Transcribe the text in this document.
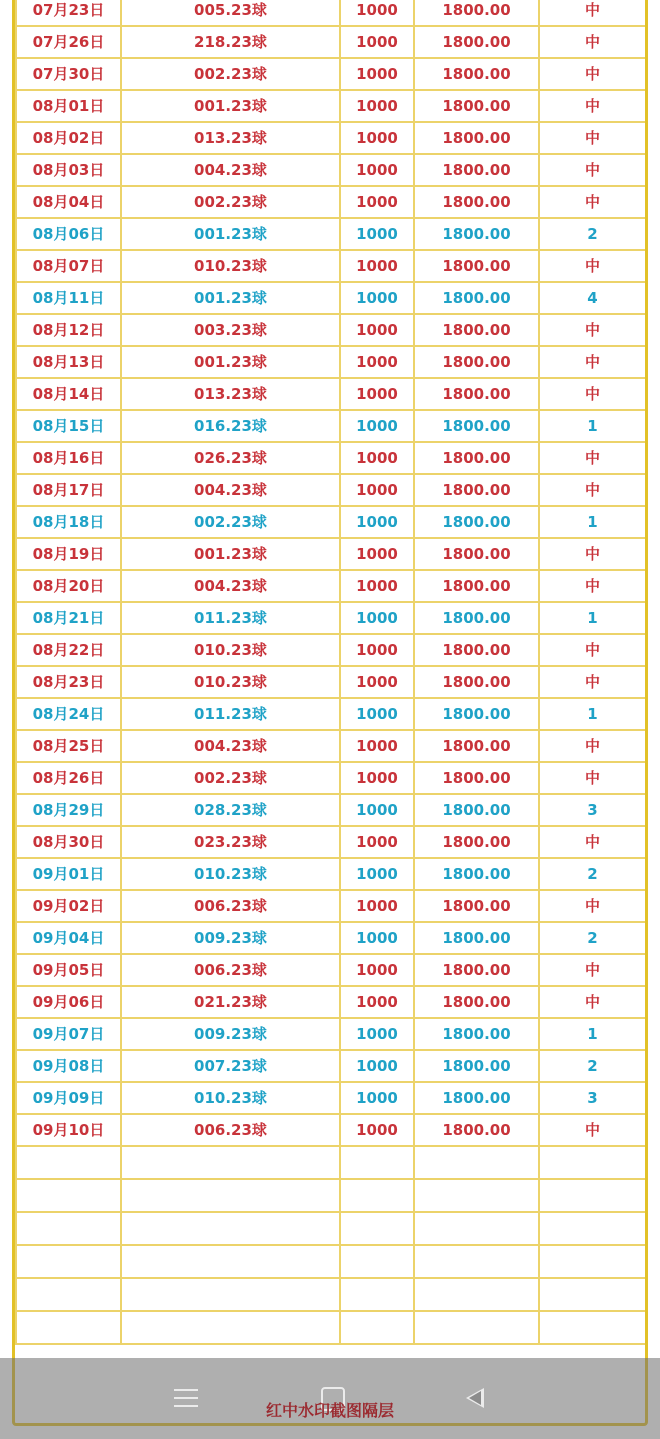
07月23日	005.23球	1000	1800.00	中
07月26日	218.23球	1000	1800.00	中
07月30日	002.23球	1000	1800.00	中
08月01日	001.23球	1000	1800.00	中
08月02日	013.23球	1000	1800.00	中
08月03日	004.23球	1000	1800.00	中
08月04日	002.23球	1000	1800.00	中
08月06日	001.23球	1000	1800.00	2
08月07日	010.23球	1000	1800.00	中
08月11日	001.23球	1000	1800.00	4
08月12日	003.23球	1000	1800.00	中
08月13日	001.23球	1000	1800.00	中
08月14日	013.23球	1000	1800.00	中
08月15日	016.23球	1000	1800.00	1
08月16日	026.23球	1000	1800.00	中
08月17日	004.23球	1000	1800.00	中
08月18日	002.23球	1000	1800.00	1
08月19日	001.23球	1000	1800.00	中
08月20日	004.23球	1000	1800.00	中
08月21日	011.23球	1000	1800.00	1
08月22日	010.23球	1000	1800.00	中
08月23日	010.23球	1000	1800.00	中
08月24日	011.23球	1000	1800.00	1
08月25日	004.23球	1000	1800.00	中
08月26日	002.23球	1000	1800.00	中
08月29日	028.23球	1000	1800.00	3
08月30日	023.23球	1000	1800.00	中
09月01日	010.23球	1000	1800.00	2
09月02日	006.23球	1000	1800.00	中
09月04日	009.23球	1000	1800.00	2
09月05日	006.23球	1000	1800.00	中
09月06日	021.23球	1000	1800.00	中
09月07日	009.23球	1000	1800.00	1
09月08日	007.23球	1000	1800.00	2
09月09日	010.23球	1000	1800.00	3
09月10日	006.23球	1000	1800.00	中

红中水印截图隔层
